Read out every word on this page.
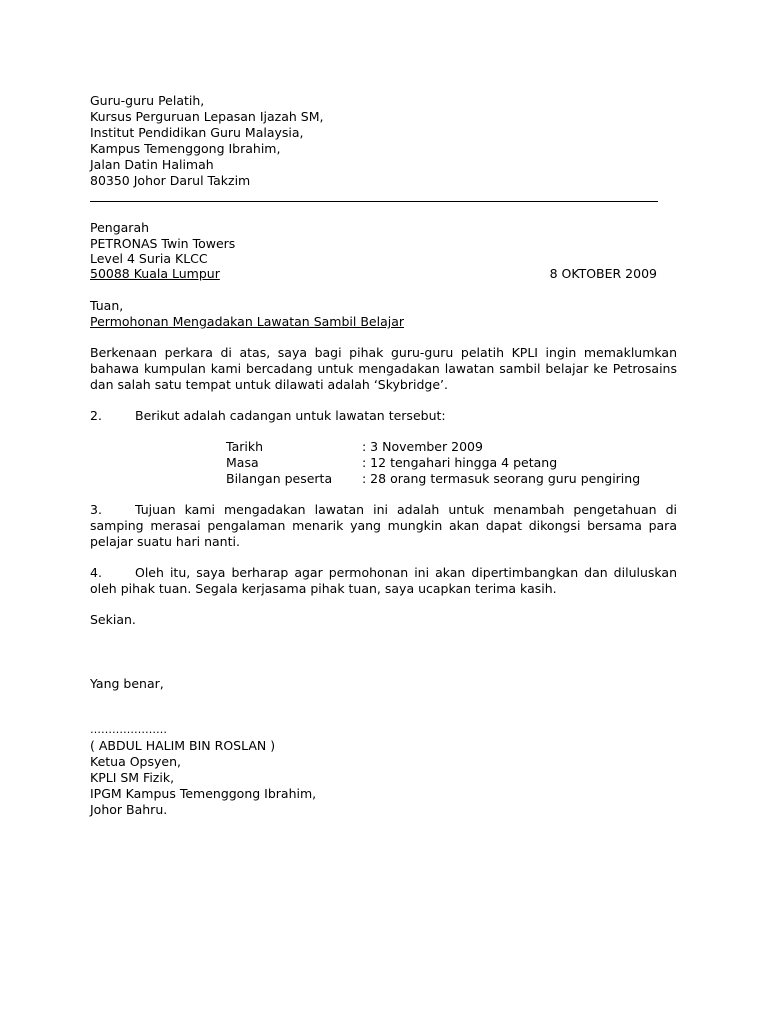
Guru-guru Pelatih,
Kursus Perguruan Lepasan Ijazah SM,
Institut Pendidikan Guru Malaysia,
Kampus Temenggong Ibrahim,
Jalan Datin Halimah
80350 Johor Darul Takzim
Pengarah
PETRONAS Twin Towers
Level 4 Suria KLCC
50088 Kuala Lumpur	8 OKTOBER 2009
Tuan,
Permohonan Mengadakan Lawatan Sambil Belajar
Berkenaan perkara di atas, saya bagi pihak guru-guru pelatih KPLI ingin memaklumkan bahawa kumpulan kami bercadang untuk mengadakan lawatan sambil belajar ke Petrosains dan salah satu tempat untuk dilawati adalah ‘Skybridge’.
2.	Berikut adalah cadangan untuk lawatan tersebut:
Tarikh	: 3 November 2009
Masa	: 12 tengahari hingga 4 petang
Bilangan peserta : 28 orang termasuk seorang guru pengiring
3.	Tujuan kami mengadakan lawatan ini adalah untuk menambah pengetahuan di samping merasai pengalaman menarik yang mungkin akan dapat dikongsi bersama para pelajar suatu hari nanti.
4.	Oleh itu, saya berharap agar permohonan ini akan dipertimbangkan dan diluluskan oleh pihak tuan. Segala kerjasama pihak tuan, saya ucapkan terima kasih.
Sekian.
Yang benar,
…………………
( ABDUL HALIM BIN ROSLAN )
Ketua Opsyen,
KPLI SM Fizik,
IPGM Kampus Temenggong Ibrahim,
Johor Bahru.
